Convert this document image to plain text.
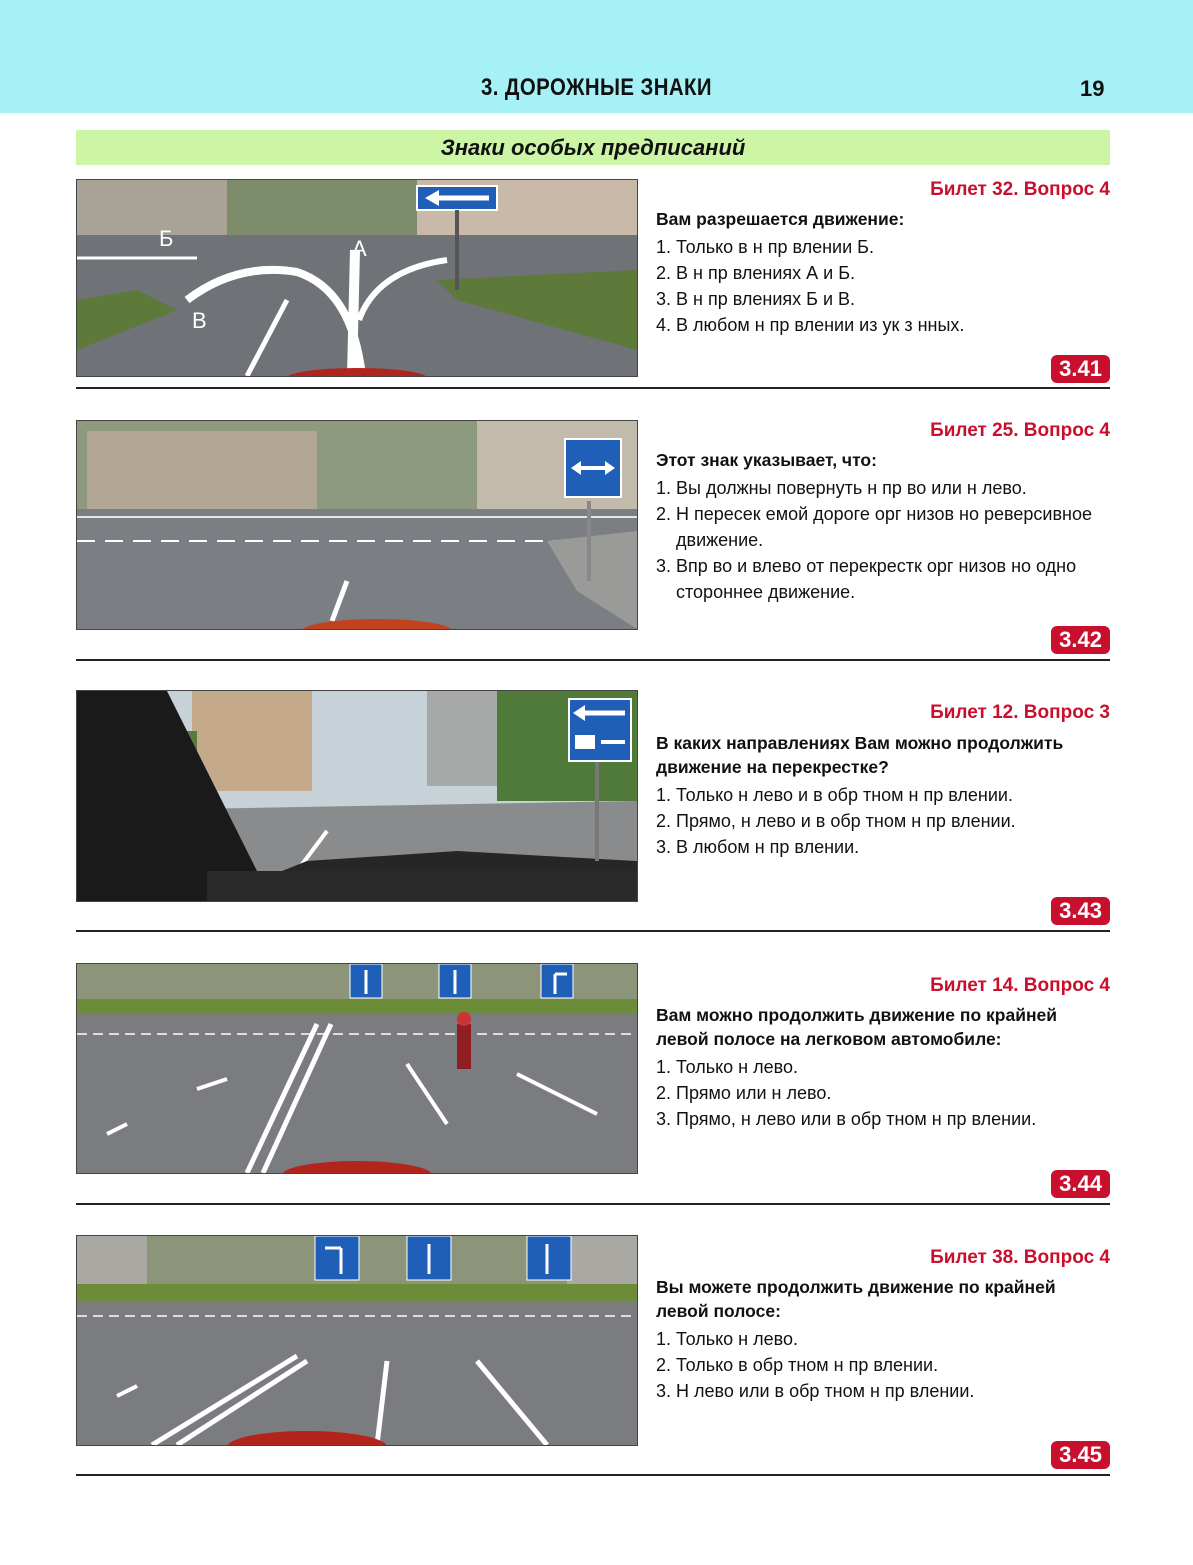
3. ДОРОЖНЫЕ ЗНАКИ	19
Знаки особых предписаний
Б	А
В
Билет 32. Вопрос 4
Вам разрешается движение:
1. Только в н пр влении Б.
2. В н пр влениях А и Б.
3. В н пр влениях Б и В.
4. В любом н пр влении из ук з нных.
3.41
Билет 25. Вопрос 4
Этот знак указывает, что:
1. Вы должны повернуть н пр во или н лево.
2. Н пересек емой дороге орг низов но реверсивное движение.
3. Впр во и влево от перекрестк орг низов но одно стороннее движение.
3.42
Билет 12. Вопрос 3
В каких направлениях Вам можно продолжить движение на перекрестке?
1. Только н лево и в обр тном н пр влении.
2. Прямо, н лево и в обр тном н пр влении.
3. В любом н пр влении.
3.43
Билет 14. Вопрос 4
Вам можно продолжить движение по крайней левой полосе на легковом автомобиле:
1. Только н лево.
2. Прямо или н лево.
3. Прямо, н лево или в обр тном н пр влении.
3.44
Билет 38. Вопрос 4
Вы можете продолжить движение по крайней левой полосе:
1. Только н лево.
2. Только в обр тном н пр влении.
3. Н лево или в обр тном н пр влении.
3.45
